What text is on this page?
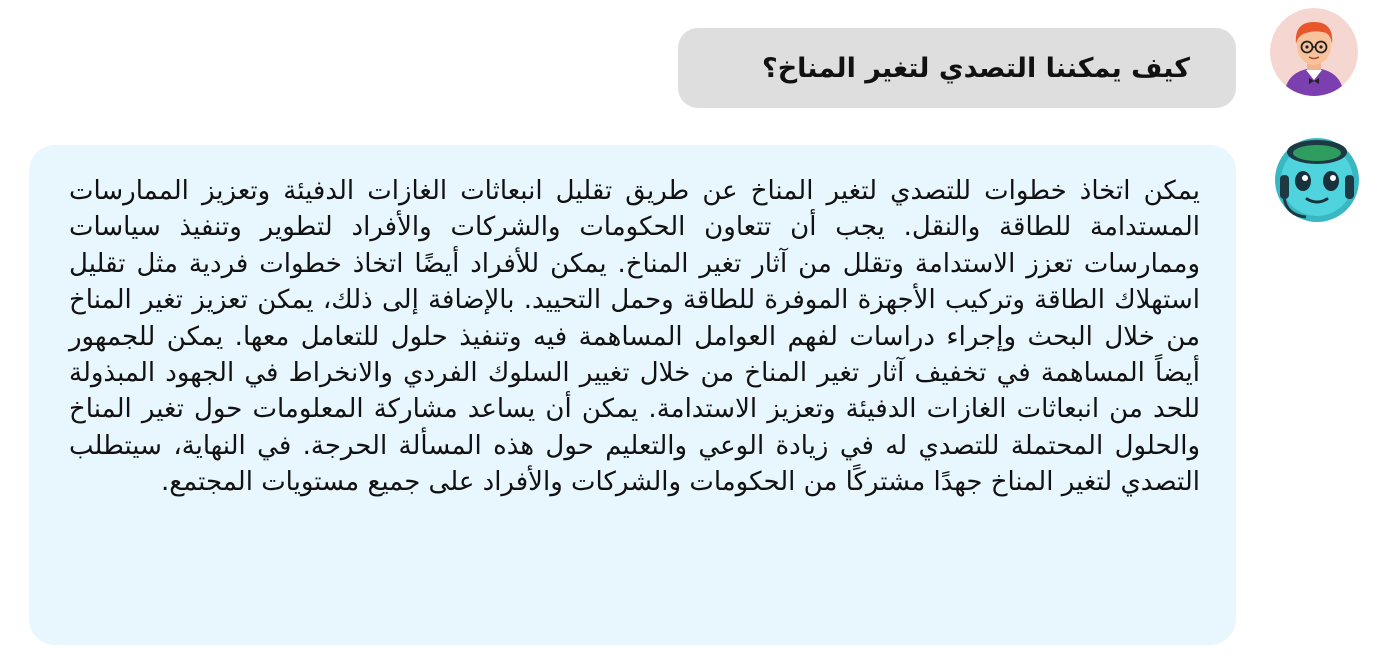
كيف يمكننا التصدي لتغير المناخ؟
يمكن اتخاذ خطوات للتصدي لتغير المناخ عن طريق تقليل انبعاثات الغازات الدفيئة وتعزيز الممارسات المستدامة للطاقة والنقل. يجب أن تتعاون الحكومات والشركات والأفراد لتطوير وتنفيذ سياسات وممارسات تعزز الاستدامة وتقلل من آثار تغير المناخ. يمكن للأفراد أيضًا اتخاذ خطوات فردية مثل تقليل استهلاك الطاقة وتركيب الأجهزة الموفرة للطاقة وحمل التحييد. بالإضافة إلى ذلك، يمكن تعزيز تغير المناخ من خلال البحث وإجراء دراسات لفهم العوامل المساهمة فيه وتنفيذ حلول للتعامل معها. يمكن للجمهور أيضاً المساهمة في تخفيف آثار تغير المناخ من خلال تغيير السلوك الفردي والانخراط في الجهود المبذولة للحد من انبعاثات الغازات الدفيئة وتعزيز الاستدامة. يمكن أن يساعد مشاركة المعلومات حول تغير المناخ والحلول المحتملة للتصدي له في زيادة الوعي والتعليم حول هذه المسألة الحرجة. في النهاية، سيتطلب التصدي لتغير المناخ جهدًا مشتركًا من الحكومات والشركات والأفراد على جميع مستويات المجتمع.
